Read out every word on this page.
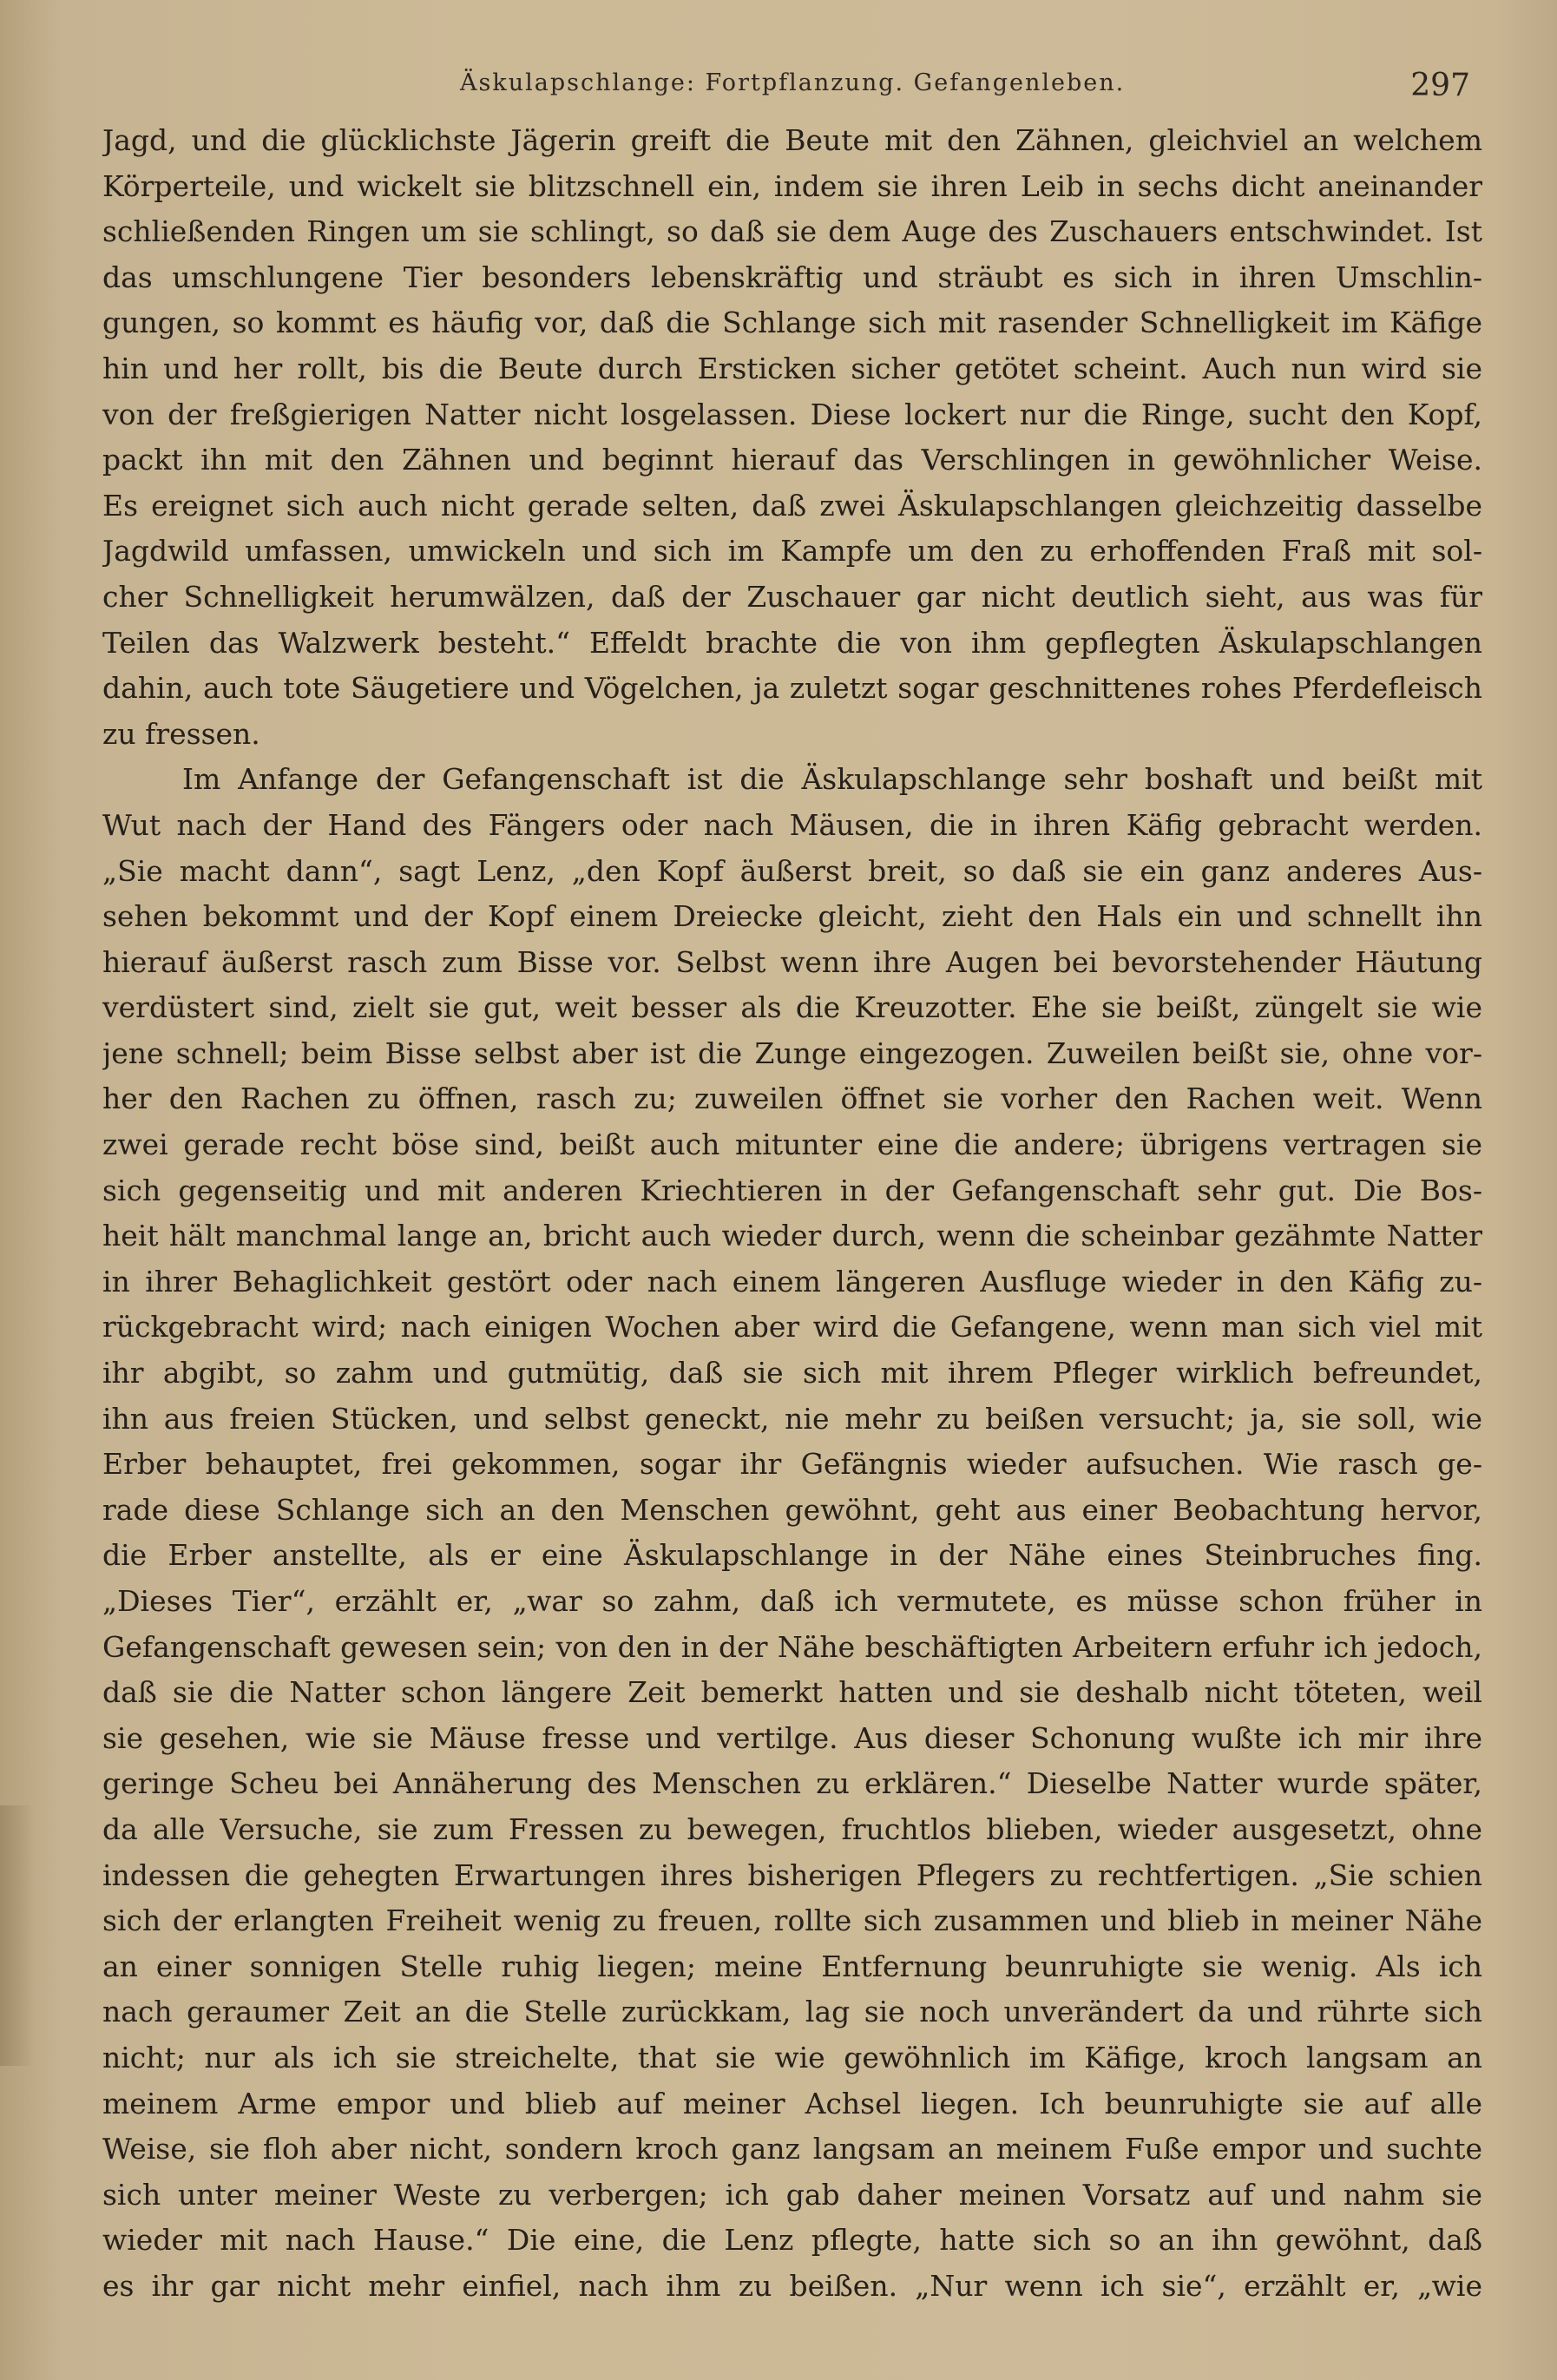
Äskulapschlange: Fortpflanzung. Gefangenleben.	297
Jagd, und die glücklichste Jägerin greift die Beute mit den Zähnen, gleichviel an welchem
Körperteile, und wickelt sie blitzschnell ein, indem sie ihren Leib in sechs dicht aneinander
schließenden Ringen um sie schlingt, so daß sie dem Auge des Zuschauers entschwindet. Ist
das umschlungene Tier besonders lebenskräftig und sträubt es sich in ihren Umschlin-
gungen, so kommt es häufig vor, daß die Schlange sich mit rasender Schnelligkeit im Käfige
hin und her rollt, bis die Beute durch Ersticken sicher getötet scheint. Auch nun wird sie
von der freßgierigen Natter nicht losgelassen. Diese lockert nur die Ringe, sucht den Kopf,
packt ihn mit den Zähnen und beginnt hierauf das Verschlingen in gewöhnlicher Weise.
Es ereignet sich auch nicht gerade selten, daß zwei Äskulapschlangen gleichzeitig dasselbe
Jagdwild umfassen, umwickeln und sich im Kampfe um den zu erhoffenden Fraß mit sol-
cher Schnelligkeit herumwälzen, daß der Zuschauer gar nicht deutlich sieht, aus was für
Teilen das Walzwerk besteht.“ Effeldt brachte die von ihm gepflegten Äskulapschlangen
dahin, auch tote Säugetiere und Vögelchen, ja zuletzt sogar geschnittenes rohes Pferdefleisch
zu fressen.
Im Anfange der Gefangenschaft ist die Äskulapschlange sehr boshaft und beißt mit
Wut nach der Hand des Fängers oder nach Mäusen, die in ihren Käfig gebracht werden.
„Sie macht dann“, sagt Lenz, „den Kopf äußerst breit, so daß sie ein ganz anderes Aus-
sehen bekommt und der Kopf einem Dreiecke gleicht, zieht den Hals ein und schnellt ihn
hierauf äußerst rasch zum Bisse vor. Selbst wenn ihre Augen bei bevorstehender Häutung
verdüstert sind, zielt sie gut, weit besser als die Kreuzotter. Ehe sie beißt, züngelt sie wie
jene schnell; beim Bisse selbst aber ist die Zunge eingezogen. Zuweilen beißt sie, ohne vor-
her den Rachen zu öffnen, rasch zu; zuweilen öffnet sie vorher den Rachen weit. Wenn
zwei gerade recht böse sind, beißt auch mitunter eine die andere; übrigens vertragen sie
sich gegenseitig und mit anderen Kriechtieren in der Gefangenschaft sehr gut. Die Bos-
heit hält manchmal lange an, bricht auch wieder durch, wenn die scheinbar gezähmte Natter
in ihrer Behaglichkeit gestört oder nach einem längeren Ausfluge wieder in den Käfig zu-
rückgebracht wird; nach einigen Wochen aber wird die Gefangene, wenn man sich viel mit
ihr abgibt, so zahm und gutmütig, daß sie sich mit ihrem Pfleger wirklich befreundet,
ihn aus freien Stücken, und selbst geneckt, nie mehr zu beißen versucht; ja, sie soll, wie
Erber behauptet, frei gekommen, sogar ihr Gefängnis wieder aufsuchen. Wie rasch ge-
rade diese Schlange sich an den Menschen gewöhnt, geht aus einer Beobachtung hervor,
die Erber anstellte, als er eine Äskulapschlange in der Nähe eines Steinbruches fing.
„Dieses Tier“, erzählt er, „war so zahm, daß ich vermutete, es müsse schon früher in
Gefangenschaft gewesen sein; von den in der Nähe beschäftigten Arbeitern erfuhr ich jedoch,
daß sie die Natter schon längere Zeit bemerkt hatten und sie deshalb nicht töteten, weil
sie gesehen, wie sie Mäuse fresse und vertilge. Aus dieser Schonung wußte ich mir ihre
geringe Scheu bei Annäherung des Menschen zu erklären.“ Dieselbe Natter wurde später,
da alle Versuche, sie zum Fressen zu bewegen, fruchtlos blieben, wieder ausgesetzt, ohne
indessen die gehegten Erwartungen ihres bisherigen Pflegers zu rechtfertigen. „Sie schien
sich der erlangten Freiheit wenig zu freuen, rollte sich zusammen und blieb in meiner Nähe
an einer sonnigen Stelle ruhig liegen; meine Entfernung beunruhigte sie wenig. Als ich
nach geraumer Zeit an die Stelle zurückkam, lag sie noch unverändert da und rührte sich
nicht; nur als ich sie streichelte, that sie wie gewöhnlich im Käfige, kroch langsam an
meinem Arme empor und blieb auf meiner Achsel liegen. Ich beunruhigte sie auf alle
Weise, sie floh aber nicht, sondern kroch ganz langsam an meinem Fuße empor und suchte
sich unter meiner Weste zu verbergen; ich gab daher meinen Vorsatz auf und nahm sie
wieder mit nach Hause.“ Die eine, die Lenz pflegte, hatte sich so an ihn gewöhnt, daß
es ihr gar nicht mehr einfiel, nach ihm zu beißen. „Nur wenn ich sie“, erzählt er, „wie
